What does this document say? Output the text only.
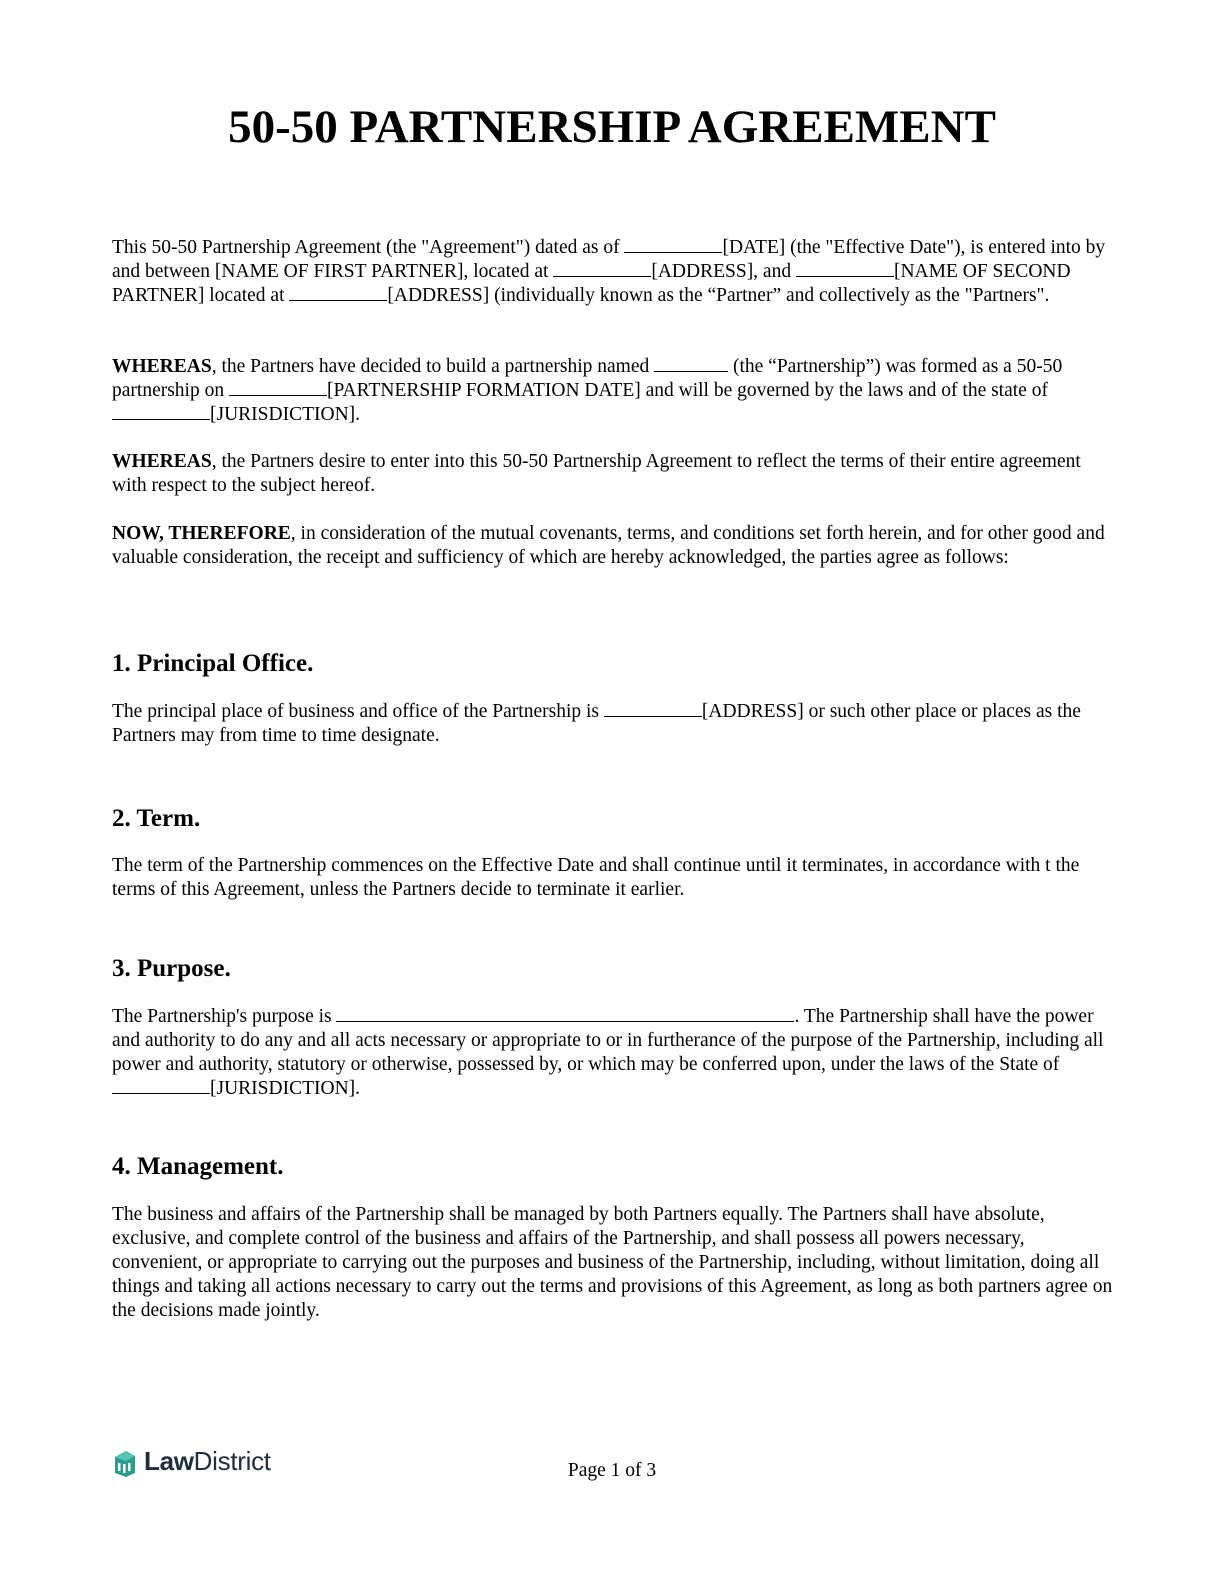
50-50 PARTNERSHIP AGREEMENT

This 50-50 Partnership Agreement (the "Agreement") dated as of	[DATE] (the "Effective Date"), is entered into by and between [NAME OF FIRST PARTNER], located at	[ADDRESS], and	[NAME OF SECOND PARTNER] located at	[ADDRESS] (individually known as the “Partner” and collectively as the "Partners".

WHEREAS, the Partners have decided to build a partnership named	(the “Partnership”) was formed as a 50-50 partnership on	[PARTNERSHIP FORMATION DATE] and will be governed by the laws and of the state of[JURISDICTION].

WHEREAS, the Partners desire to enter into this 50-50 Partnership Agreement to reflect the terms of their entire agreement with respect to the subject hereof.

NOW, THEREFORE, in consideration of the mutual covenants, terms, and conditions set forth herein, and for other good and valuable consideration, the receipt and sufficiency of which are hereby acknowledged, the parties agree as follows:

1. Principal Office.

The principal place of business and office of the Partnership is	[ADDRESS] or such other place or places as the Partners may from time to time designate.

2. Term.

The term of the Partnership commences on the Effective Date and shall continue until it terminates, in accordance with t the terms of this Agreement, unless the Partners decide to terminate it earlier.

3. Purpose.

The Partnership's purpose is	. The Partnership shall have the power and authority to do any and all acts necessary or appropriate to or in furtherance of the purpose of the Partnership, including all power and authority, statutory or otherwise, possessed by, or which may be conferred upon, under the laws of the State of [JURISDICTION].

4. Management.

The business and affairs of the Partnership shall be managed by both Partners equally. The Partners shall have absolute, exclusive, and complete control of the business and affairs of the Partnership, and shall possess all powers necessary, convenient, or appropriate to carrying out the purposes and business of the Partnership, including, without limitation, doing all things and taking all actions necessary to carry out the terms and provisions of this Agreement, as long as both partners agree on the decisions made jointly.

LawDistrict	Page 1 of 3
